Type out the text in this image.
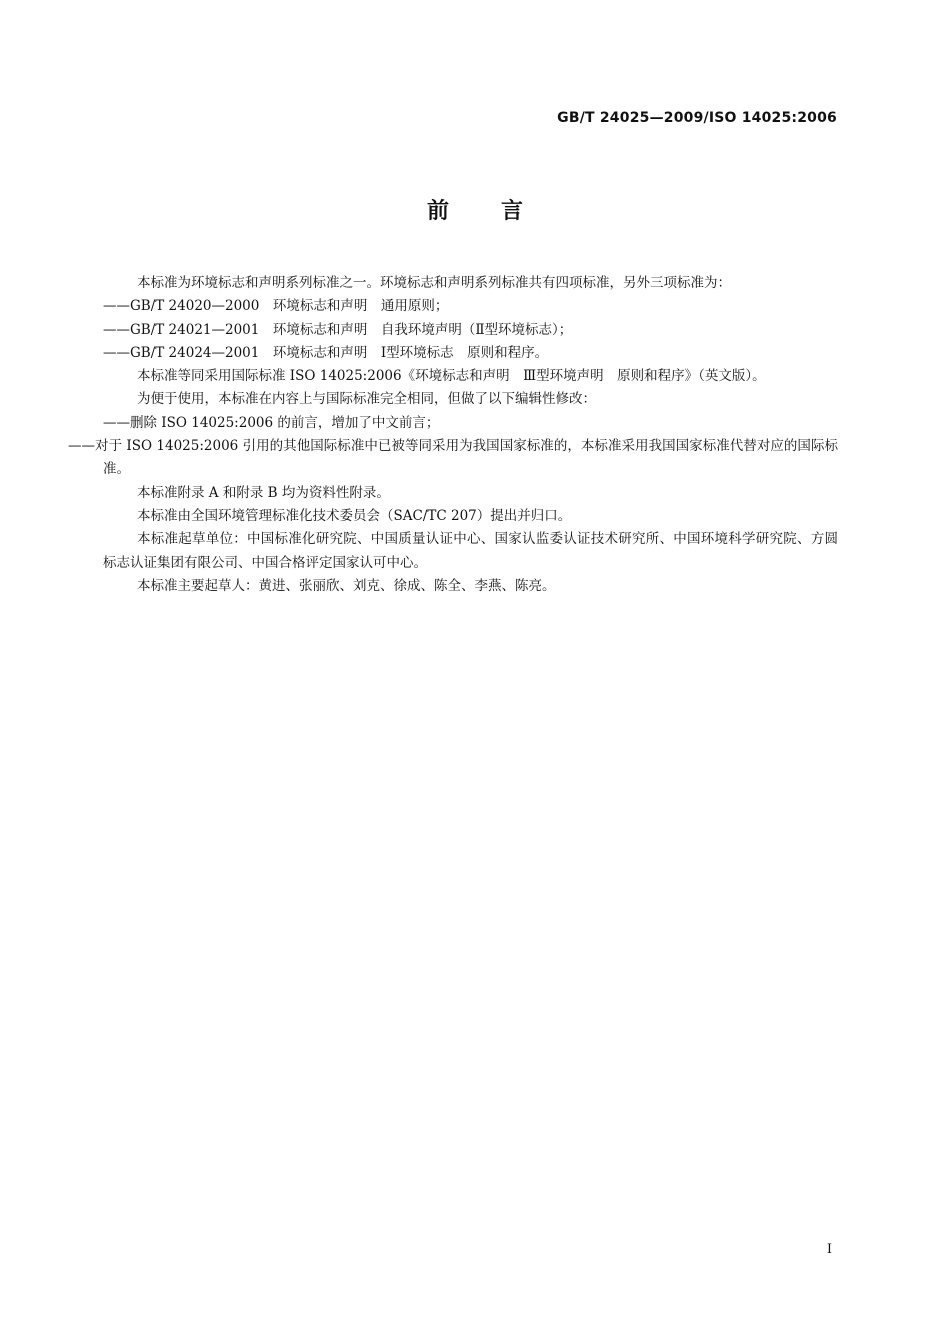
GB/T 24025—2009/ISO 14025:2006
前 言

本标准为环境标志和声明系列标准之一。环境标志和声明系列标准共有四项标准，另外三项标准为：

——GB/T 24020—2000　环境标志和声明　通用原则；

——GB/T 24021—2001　环境标志和声明　自我环境声明（Ⅱ型环境标志）；

——GB/T 24024—2001　环境标志和声明　Ⅰ型环境标志　原则和程序。

本标准等同采用国际标准 ISO 14025:2006《环境标志和声明　Ⅲ型环境声明　原则和程序》（英文版）。

为便于使用，本标准在内容上与国际标准完全相同，但做了以下编辑性修改：

——删除 ISO 14025:2006 的前言，增加了中文前言；

——对于 ISO 14025:2006 引用的其他国际标准中已被等同采用为我国国家标准的，本标准采用我国国家标准代替对应的国际标准。

本标准附录 A 和附录 B 均为资料性附录。

本标准由全国环境管理标准化技术委员会（SAC/TC 207）提出并归口。

本标准起草单位：中国标准化研究院、中国质量认证中心、国家认监委认证技术研究所、中国环境科学研究院、方圆标志认证集团有限公司、中国合格评定国家认可中心。

本标准主要起草人：黄进、张丽欣、刘克、徐成、陈全、李燕、陈亮。

I
